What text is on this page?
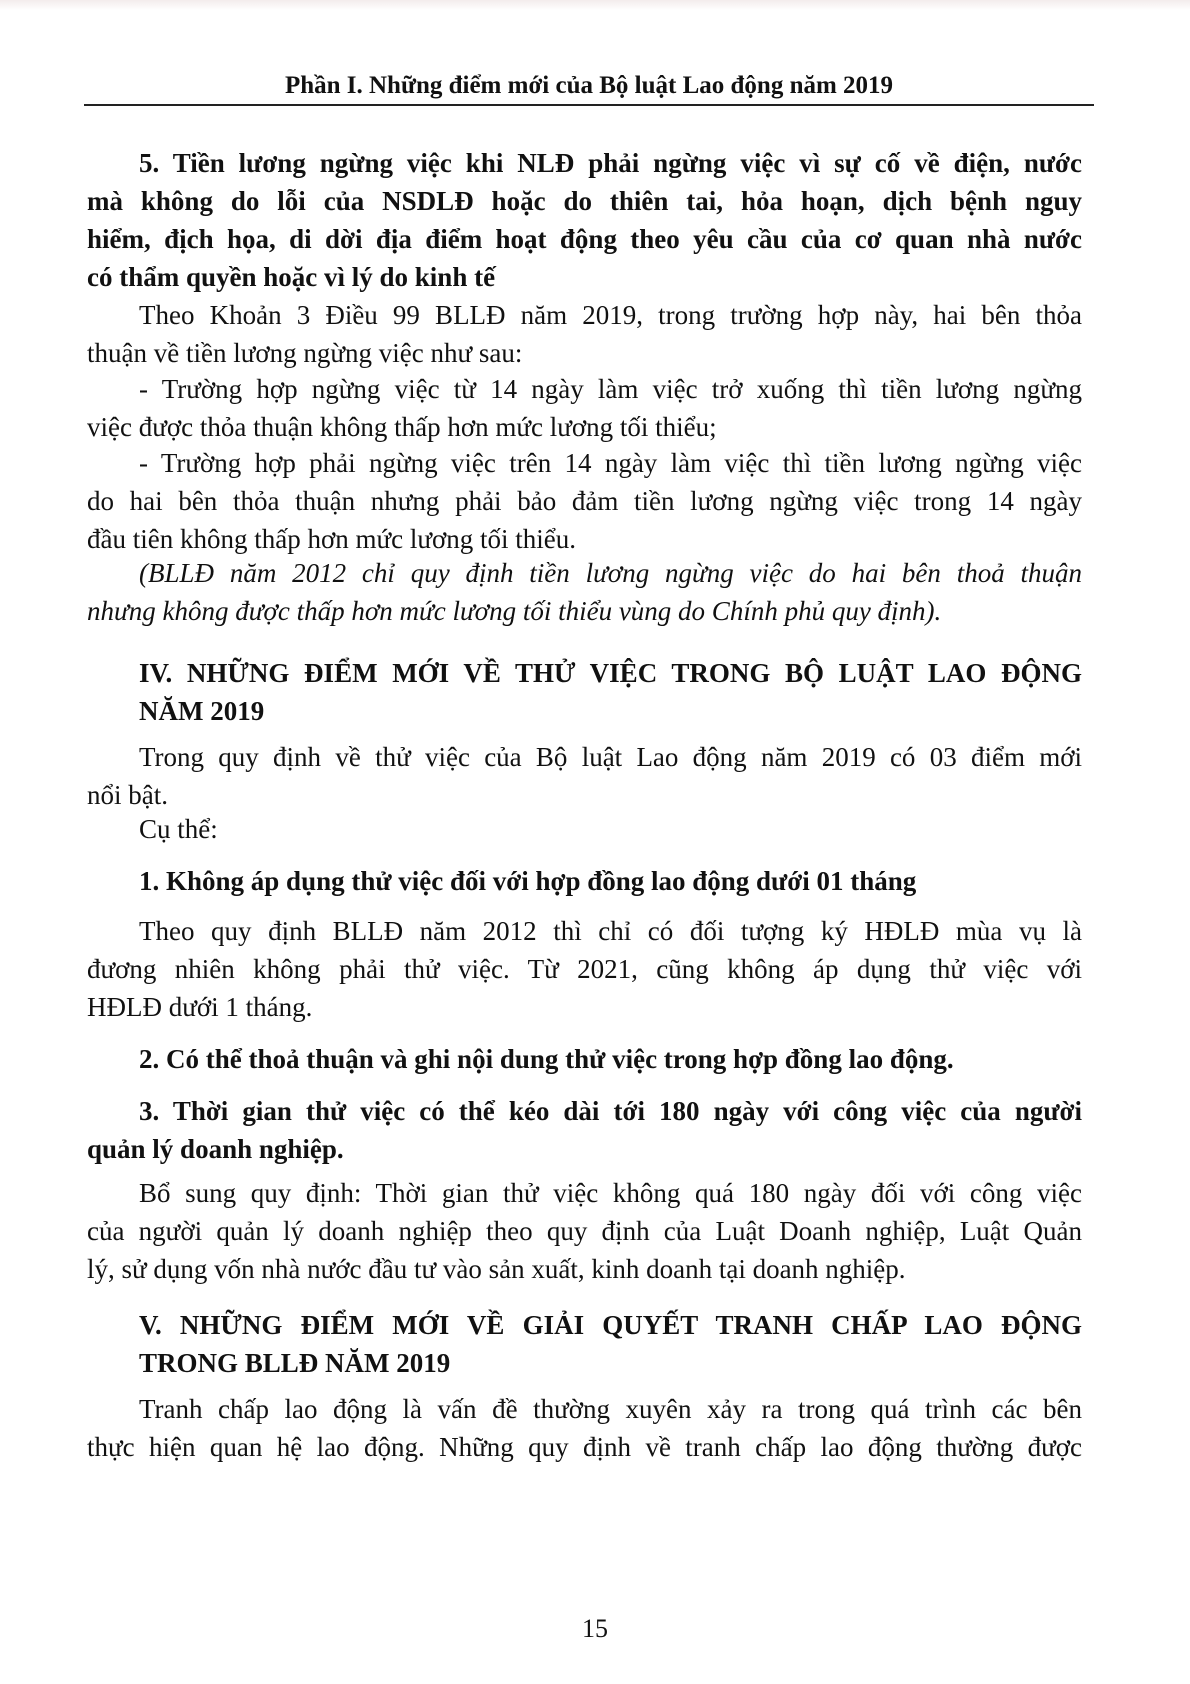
Phần I. Những điểm mới của Bộ luật Lao động năm 2019
5. Tiền lương ngừng việc khi NLĐ phải ngừng việc vì sự cố về điện, nước
mà không do lỗi của NSDLĐ hoặc do thiên tai, hỏa hoạn, dịch bệnh nguy
hiểm, địch họa, di dời địa điểm hoạt động theo yêu cầu của cơ quan nhà nước
có thẩm quyền hoặc vì lý do kinh tế
Theo Khoản 3 Điều 99 BLLĐ năm 2019, trong trường hợp này, hai bên thỏa
thuận về tiền lương ngừng việc như sau:
- Trường hợp ngừng việc từ 14 ngày làm việc trở xuống thì tiền lương ngừng
việc được thỏa thuận không thấp hơn mức lương tối thiểu;
- Trường hợp phải ngừng việc trên 14 ngày làm việc thì tiền lương ngừng việc
do hai bên thỏa thuận nhưng phải bảo đảm tiền lương ngừng việc trong 14 ngày
đầu tiên không thấp hơn mức lương tối thiểu.
(BLLĐ năm 2012 chỉ quy định tiền lương ngừng việc do hai bên thoả thuận
nhưng không được thấp hơn mức lương tối thiểu vùng do Chính phủ quy định).
IV. NHỮNG ĐIỂM MỚI VỀ THỬ VIỆC TRONG BỘ LUẬT LAO ĐỘNG
NĂM 2019
Trong quy định về thử việc của Bộ luật Lao động năm 2019 có 03 điểm mới
nổi bật.
Cụ thể:
1. Không áp dụng thử việc đối với hợp đồng lao động dưới 01 tháng
Theo quy định BLLĐ năm 2012 thì chỉ có đối tượng ký HĐLĐ mùa vụ là
đương nhiên không phải thử việc. Từ 2021, cũng không áp dụng thử việc với
HĐLĐ dưới 1 tháng.
2. Có thể thoả thuận và ghi nội dung thử việc trong hợp đồng lao động.
3. Thời gian thử việc có thể kéo dài tới 180 ngày với công việc của người
quản lý doanh nghiệp.
Bổ sung quy định: Thời gian thử việc không quá 180 ngày đối với công việc
của người quản lý doanh nghiệp theo quy định của Luật Doanh nghiệp, Luật Quản
lý, sử dụng vốn nhà nước đầu tư vào sản xuất, kinh doanh tại doanh nghiệp.
V. NHỮNG ĐIỂM MỚI VỀ GIẢI QUYẾT TRANH CHẤP LAO ĐỘNG
TRONG BLLĐ NĂM 2019
Tranh chấp lao động là vấn đề thường xuyên xảy ra trong quá trình các bên
thực hiện quan hệ lao động. Những quy định về tranh chấp lao động thường được
15
